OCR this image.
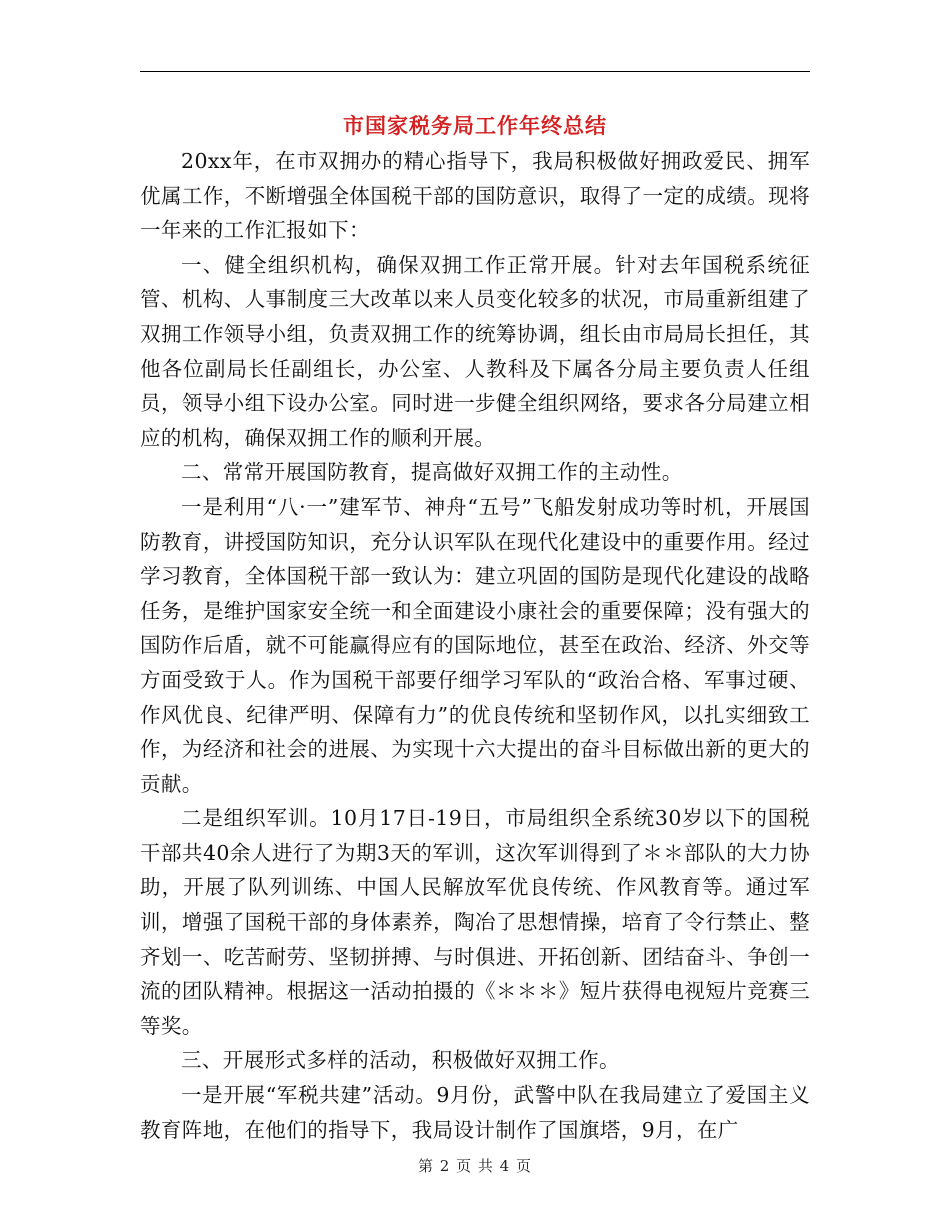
市国家税务局工作年终总结

20xx年，在市双拥办的精心指导下，我局积极做好拥政爱民、拥军优属工作，不断增强全体国税干部的国防意识，取得了一定的成绩。现将一年来的工作汇报如下：

一、健全组织机构，确保双拥工作正常开展。针对去年国税系统征管、机构、人事制度三大改革以来人员变化较多的状况，市局重新组建了双拥工作领导小组，负责双拥工作的统筹协调，组长由市局局长担任，其他各位副局长任副组长，办公室、人教科及下属各分局主要负责人任组员，领导小组下设办公室。同时进一步健全组织网络，要求各分局建立相应的机构，确保双拥工作的顺利开展。

二、常常开展国防教育，提高做好双拥工作的主动性。

一是利用“八·一”建军节、神舟“五号”飞船发射成功等时机，开展国防教育，讲授国防知识，充分认识军队在现代化建设中的重要作用。经过学习教育，全体国税干部一致认为：建立巩固的国防是现代化建设的战略任务，是维护国家安全统一和全面建设小康社会的重要保障；没有强大的国防作后盾，就不可能赢得应有的国际地位，甚至在政治、经济、外交等方面受致于人。作为国税干部要仔细学习军队的“政治合格、军事过硬、作风优良、纪律严明、保障有力”的优良传统和坚韧作风，以扎实细致工作，为经济和社会的进展、为实现十六大提出的奋斗目标做出新的更大的贡献。

二是组织军训。10月17日-19日，市局组织全系统30岁以下的国税干部共40余人进行了为期3天的军训，这次军训得到了＊＊部队的大力协助，开展了队列训练、中国人民解放军优良传统、作风教育等。通过军训，增强了国税干部的身体素养，陶冶了思想情操，培育了令行禁止、整齐划一、吃苦耐劳、坚韧拼搏、与时俱进、开拓创新、团结奋斗、争创一流的团队精神。根据这一活动拍摄的《＊＊＊》短片获得电视短片竞赛三等奖。

三、开展形式多样的活动，积极做好双拥工作。

一是开展“军税共建”活动。9月份，武警中队在我局建立了爱国主义教育阵地，在他们的指导下，我局设计制作了国旗塔，9月，在广

第 2 页 共 4 页
